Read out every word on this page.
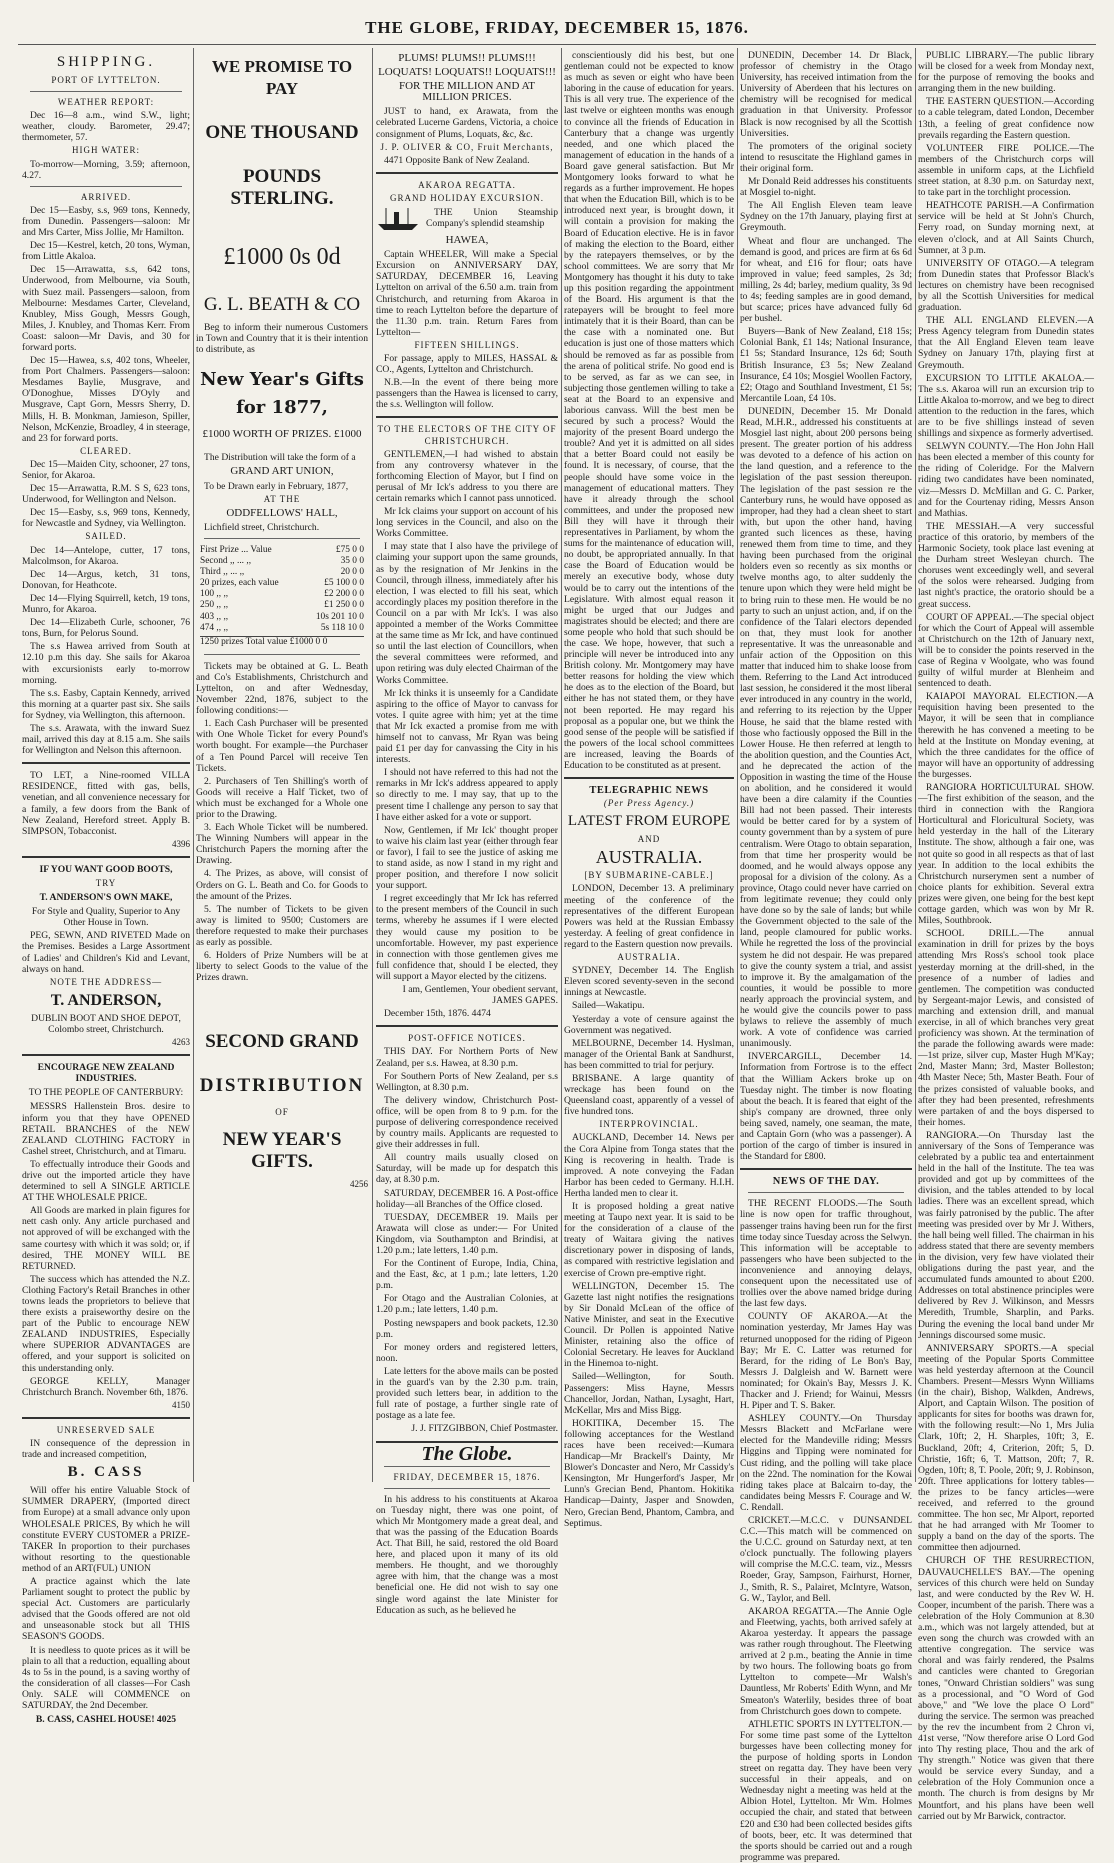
THE GLOBE, FRIDAY, DECEMBER 15, 1876.
SHIPPING.
PORT OF LYTTELTON.
WEATHER REPORT:

Dec 16—8 a.m., wind S.W., light; weather, cloudy. Barometer, 29.47; thermometer, 57.

HIGH WATER:

To-morrow—Morning, 3.59; afternoon, 4.27.

ARRIVED.

Dec 15—Easby, s.s, 969 tons, Kennedy, from Dunedin. Passengers—saloon: Mr and Mrs Carter, Miss Jollie, Mr Hamilton.

Dec 15—Kestrel, ketch, 20 tons, Wyman, from Little Akaloa.

Dec 15—Arrawatta, s.s, 642 tons, Underwood, from Melbourne, via South, with Suez mail. Passengers—saloon, from Melbourne: Mesdames Carter, Cleveland, Knubley, Miss Gough, Messrs Gough, Miles, J. Knubley, and Thomas Kerr. From Coast: saloon—Mr Davis, and 30 for forward ports.

Dec 15—Hawea, s.s, 402 tons, Wheeler, from Port Chalmers. Passengers—saloon: Mesdames Baylie, Musgrave, and O'Donoghue, Misses D'Oyly and Musgrave, Capt Gorn, Messrs Sherry, D. Mills, H. B. Monkman, Jamieson, Spiller, Nelson, McKenzie, Broadley, 4 in steerage, and 23 for forward ports.

CLEARED.

Dec 15—Maiden City, schooner, 27 tons, Senior, for Akaroa.

Dec 15—Arrawatta, R.M. S S, 623 tons, Underwood, for Wellington and Nelson.

Dec 15—Easby, s.s, 969 tons, Kennedy, for Newcastle and Sydney, via Wellington.

SAILED.

Dec 14—Antelope, cutter, 17 tons, Malcolmson, for Akaroa.

Dec 14—Argus, ketch, 31 tons, Donovan, for Heathcote.

Dec 14—Flying Squirrell, ketch, 19 tons, Munro, for Akaroa.

Dec 14—Elizabeth Curle, schooner, 76 tons, Burn, for Pelorus Sound.

The s.s Hawea arrived from South at 12.10 p.m this day. She sails for Akaroa with excursionists early to-morrow morning.

The s.s. Easby, Captain Kennedy, arrived this morning at a quarter past six. She sails for Sydney, via Wellington, this afternoon.

The s.s. Arawata, with the inward Suez mail, arrived this day at 8.15 a.m. She sails for Wellington and Nelson this afternoon.

TO LET, a Nine-roomed VILLA RESIDENCE, fitted with gas, bells, venetian, and all convenience necessary for a family, a few doors from the Bank of New Zealand, Hereford street. Apply B. SIMPSON, Tobacconist.

4396
IF YOU WANT GOOD BOOTS,
TRY
T. ANDERSON'S OWN MAKE,

For Style and Quality, Superior to Any Other House in Town.

PEG, SEWN, AND RIVETED Made on the Premises. Besides a Large Assortment of Ladies' and Children's Kid and Levant, always on hand.

NOTE THE ADDRESS—
T. ANDERSON,

DUBLIN BOOT AND SHOE DEPOT, Colombo street, Christchurch.

4263
ENCOURAGE NEW ZEALAND INDUSTRIES.
TO THE PEOPLE OF CANTERBURY:

MESSRS Hallenstein Bros. desire to inform you that they have OPENED RETAIL BRANCHES of the NEW ZEALAND CLOTHING FACTORY in Cashel street, Christchurch, and at Timaru.

To effectually introduce their Goods and drive out the imported article they have determined to sell A SINGLE ARTICLE AT THE WHOLESALE PRICE.

All Goods are marked in plain figures for nett cash only. Any article purchased and not approved of will be exchanged with the same courtesy with which it was sold; or, if desired, THE MONEY WILL BE RETURNED.

The success which has attended the N.Z. Clothing Factory's Retail Branches in other towns leads the proprietors to believe that there exists a praiseworthy desire on the part of the Public to encourage NEW ZEALAND INDUSTRIES, Especially where SUPERIOR ADVANTAGES are offered, and your support is solicited on this understanding only.

GEORGE KELLY, Manager Christchurch Branch. November 6th, 1876.

4150
UNRESERVED SALE

IN consequence of the depression in trade and increased competition,

B. CASS

Will offer his entire Valuable Stock of SUMMER DRAPERY, (Imported direct from Europe) at a small advance only upon WHOLESALE PRICES, By which he will constitute EVERY CUSTOMER a PRIZE-TAKER In proportion to their purchases without resorting to the questionable method of an ART(FUL) UNION

A practice against which the late Parliament sought to protect the public by special Act. Customers are particularly advised that the Goods offered are not old and unseasonable stock but all THIS SEASON'S GOODS.

It is needless to quote prices as it will be plain to all that a reduction, equalling about 4s to 5s in the pound, is a saving worthy of the consideration of all classes—For Cash Only. SALE will COMMENCE on SATURDAY, the 2nd December.

B. CASS, CASHEL HOUSE! 4025
WE PROMISE TO PAY
ONE THOUSAND
POUNDS STERLING.
£1000 0s 0d
G. L. BEATH & CO

Beg to inform their numerous Customers in Town and Country that it is their intention to distribute, as

New Year's Gifts
for 1877,
£1000 WORTH OF PRIZES. £1000

The Distribution will take the form of a

GRAND ART UNION,

To be Drawn early in February, 1877,

AT THE
ODDFELLOWS' HALL,

Lichfield street, Christchurch.

First Prize ... Value	£75 0 0
Second ,, ... ,,	35 0 0
Third ,, ... ,,	20 0 0
20 prizes, each value	£5 100 0 0
100 ,, ,,	£2 200 0 0
250 ,, ,,	£1 250 0 0
403 ,, ,,	10s 201 10 0
474 ,, ,,	5s 118 10 0
1250 prizes Total value £1000 0 0

Tickets may be obtained at G. L. Beath and Co's Establishments, Christchurch and Lyttelton, on and after Wednesday, November 22nd, 1876, subject to the following conditions:—

1. Each Cash Purchaser will be presented with One Whole Ticket for every Pound's worth bought. For example—the Purchaser of a Ten Pound Parcel will receive Ten Tickets.

2. Purchasers of Ten Shilling's worth of Goods will receive a Half Ticket, two of which must be exchanged for a Whole one prior to the Drawing.

3. Each Whole Ticket will be numbered. The Winning Numbers will appear in the Christchurch Papers the morning after the Drawing.

4. The Prizes, as above, will consist of Orders on G. L. Beath and Co. for Goods to the amount of the Prizes.

5. The number of Tickets to be given away is limited to 9500; Customers are therefore requested to make their purchases as early as possible.

6. Holders of Prize Numbers will be at liberty to select Goods to the value of the Prizes drawn.

SECOND GRAND
DISTRIBUTION
OF
NEW YEAR'S GIFTS.
4256
PLUMS! PLUMS!! PLUMS!!!
LOQUATS! LOQUATS!! LOQUATS!!!
FOR THE MILLION AND AT MILLION PRICES.

JUST to hand, ex Arawata, from the celebrated Lucerne Gardens, Victoria, a choice consignment of Plums, Loquats, &c, &c.

J. P. OLIVER & CO, Fruit Merchants,

4471 Opposite Bank of New Zealand.

AKAROA REGATTA.
GRAND HOLIDAY EXCURSION.

THE Union Steamship Company's splendid steamship

HAWEA,

Captain WHEELER, Will make a Special Excursion on ANNIVERSARY DAY, SATURDAY, DECEMBER 16, Leaving Lyttelton on arrival of the 6.50 a.m. train from Christchurch, and returning from Akaroa in time to reach Lyttelton before the departure of the 11.30 p.m. train. Return Fares from Lyttelton—

FIFTEEN SHILLINGS.

For passage, apply to MILES, HASSAL & CO., Agents, Lyttelton and Christchurch.

N.B.—In the event of there being more passengers than the Hawea is licensed to carry, the s.s. Wellington will follow.

TO THE ELECTORS OF THE CITY OF CHRISTCHURCH.

GENTLEMEN,—I had wished to abstain from any controversy whatever in the forthcoming Election of Mayor, but I find on perusal of Mr Ick's address to you there are certain remarks which I cannot pass unnoticed.

Mr Ick claims your support on account of his long services in the Council, and also on the Works Committee.

I may state that I also have the privilege of claiming your support upon the same grounds, as by the resignation of Mr Jenkins in the Council, through illness, immediately after his election, I was elected to fill his seat, which accordingly places my position therefore in the Council on a par with Mr Ick's. I was also appointed a member of the Works Committee at the same time as Mr Ick, and have continued so until the last election of Councillors, when the several committees were reformed, and upon retiring was duly elected Chairman of the Works Committee.

Mr Ick thinks it is unseemly for a Candidate aspiring to the office of Mayor to canvass for votes. I quite agree with him; yet at the time that Mr Ick exacted a promise from me with himself not to canvass, Mr Ryan was being paid £1 per day for canvassing the City in his interests.

I should not have referred to this had not the remarks in Mr Ick's address appeared to apply so directly to me. I may say, that up to the present time I challenge any person to say that I have either asked for a vote or support.

Now, Gentlemen, if Mr Ick' thought proper to waive his claim last year (either through fear or favor), I fail to see the justice of asking me to stand aside, as now I stand in my right and proper position, and therefore I now solicit your support.

I regret exceedingly that Mr Ick has referred to the present members of the Council in such terms, whereby he assumes if I were elected they would cause my position to be uncomfortable. However, my past experience in connection with those gentlemen gives me full confidence that, should I be elected, they will support a Mayor elected by the citizens.

I am, Gentlemen, Your obedient servant, JAMES GAPES.

December 15th, 1876. 4474

POST-OFFICE NOTICES.

THIS DAY. For Northern Ports of New Zealand, per s.s. Hawea, at 8.30 p.m.

For Southern Ports of New Zealand, per s.s Wellington, at 8.30 p.m.

The delivery window, Christchurch Post-office, will be open from 8 to 9 p.m. for the purpose of delivering correspondence received by country mails. Applicants are requested to give their addresses in full.

All country mails usually closed on Saturday, will be made up for despatch this day, at 8.30 p.m.

SATURDAY, DECEMBER 16. A Post-office holiday—all Branches of the Office closed.

TUESDAY, DECEMBER 19. Mails per Arawata will close as under:— For United Kingdom, via Southampton and Brindisi, at 1.20 p.m.; late letters, 1.40 p.m.

For the Continent of Europe, India, China, and the East, &c, at 1 p.m.; late letters, 1.20 p.m.

For Otago and the Australian Colonies, at 1.20 p.m.; late letters, 1.40 p.m.

Posting newspapers and book packets, 12.30 p.m.

For money orders and registered letters, noon.

Late letters for the above mails can be posted in the guard's van by the 2.30 p.m. train, provided such letters bear, in addition to the full rate of postage, a further single rate of postage as a late fee.

J. J. FITZGIBBON, Chief Postmaster.

The Globe.
FRIDAY, DECEMBER 15, 1876.

In his address to his constituents at Akaroa on Tuesday night, there was one point, of which Mr Montgomery made a great deal, and that was the passing of the Education Boards Act. That Bill, he said, restored the old Board here, and placed upon it many of its old members. He thought, and we thoroughly agree with him, that the change was a most beneficial one. He did not wish to say one single word against the late Minister for Education as such, as he believed he

conscientiously did his best, but one gentleman could not be expected to know as much as seven or eight who have been laboring in the cause of education for years. This is all very true. The experience of the last twelve or eighteen months was enough to convince all the friends of Education in Canterbury that a change was urgently needed, and one which placed the management of education in the hands of a Board gave general satisfaction. But Mr Montgomery looks forward to what he regards as a further improvement. He hopes that when the Education Bill, which is to be introduced next year, is brought down, it will contain a provision for making the Board of Education elective. He is in favor of making the election to the Board, either by the ratepayers themselves, or by the school committees. We are sorry that Mr Montgomery has thought it his duty to take up this position regarding the appointment of the Board. His argument is that the ratepayers will be brought to feel more intimately that it is their Board, than can be the case with a nominated one. But education is just one of those matters which should be removed as far as possible from the arena of political strife. No good end is to be served, as far as we can see, in subjecting those gentlemen willing to take a seat at the Board to an expensive and laborious canvass. Will the best men be secured by such a process? Would the majority of the present Board undergo the trouble? And yet it is admitted on all sides that a better Board could not easily be found. It is necessary, of course, that the people should have some voice in the management of educational matters. They have it already through the school committees, and under the proposed new Bill they will have it through their representatives in Parliament, by whom the sums for the maintenance of education will, no doubt, be appropriated annually. In that case the Board of Education would be merely an executive body, whose duty would be to carry out the intentions of the Legislature. With almost equal reason it might be urged that our Judges and magistrates should be elected; and there are some people who hold that such should be the case. We hope, however, that such a principle will never be introduced into any British colony. Mr. Montgomery may have better reasons for holding the view which he does as to the election of the Board, but either he has not stated them, or they have not been reported. He may regard his proposal as a popular one, but we think the good sense of the people will be satisfied if the powers of the local school committees are increased, leaving the Boards of Education to be constituted as at present.

TELEGRAPHIC NEWS
(Per Press Agency.)
LATEST FROM EUROPE
AND
AUSTRALIA.
[BY SUBMARINE-CABLE.]

LONDON, December 13. A preliminary meeting of the conference of the representatives of the different European Powers was held at the Russian Embassy yesterday. A feeling of great confidence in regard to the Eastern question now prevails.

AUSTRALIA.

SYDNEY, December 14. The English Eleven scored seventy-seven in the second innings at Newcastle.

Sailed—Wakatipu.

Yesterday a vote of censure against the Government was negatived.

MELBOURNE, December 14. Hyslman, manager of the Oriental Bank at Sandhurst, has been committed to trial for perjury.

BRISBANE. A large quantity of wreckage has been found on the Queensland coast, apparently of a vessel of five hundred tons.

INTERPROVINCIAL.

AUCKLAND, December 14. News per the Cora Alpine from Tonga states that the King is recovering in health. Trade is improved. A note conveying the Fadan Harbor has been ceded to Germany. H.I.H. Hertha landed men to clear it.

It is proposed holding a great native meeting at Taupo next year. It is said to be for the consideration of a clause of the treaty of Waitara giving the natives discretionary power in disposing of lands, as compared with restrictive legislation and exercise of Crown pre-emptive right.

WELLINGTON, December 15. The Gazette last night notifies the resignations by Sir Donald McLean of the office of Native Minister, and seat in the Executive Council. Dr Pollen is appointed Native Minister, retaining also the office of Colonial Secretary. He leaves for Auckland in the Hinemoa to-night.

Sailed—Wellington, for South. Passengers: Miss Hayne, Messrs Chancellor, Jordan, Nathan, Lysaght, Hart, McKellar, Mrs and Miss Bigg.

HOKITIKA, December 15. The following acceptances for the Westland races have been received:—Kumara Handicap—Mr Brackell's Dainty, Mr Blower's Doncaster and Nero, Mr Cassidy's Kensington, Mr Hungerford's Jasper, Mr Lunn's Grecian Bend, Phantom. Hokitika Handicap—Dainty, Jasper and Snowden, Nero, Grecian Bend, Phantom, Cambra, and Septimus.

DUNEDIN, December 14. Dr Black, professor of chemistry in the Otago University, has received intimation from the University of Aberdeen that his lectures on chemistry will be recognised for medical graduation in that University. Professor Black is now recognised by all the Scottish Universities.

The promoters of the original society intend to resuscitate the Highland games in their original form.

Mr Donald Reid addresses his constituents at Mosgiel to-night.

The All English Eleven team leave Sydney on the 17th January, playing first at Greymouth.

Wheat and flour are unchanged. The demand is good, and prices are firm at 6s 6d for wheat, and £16 for flour; oats have improved in value; feed samples, 2s 3d; milling, 2s 4d; barley, medium quality, 3s 9d to 4s; feeding samples are in good demand, but scarce; prices have advanced fully 6d per bushel.

Buyers—Bank of New Zealand, £18 15s; Colonial Bank, £1 14s; National Insurance, £1 5s; Standard Insurance, 12s 6d; South British Insurance, £3 5s; New Zealand Insurance, £4 10s; Mosgiel Woollen Factory, £2; Otago and Southland Investment, £1 5s; Mercantile Loan, £4 10s.

DUNEDIN, December 15. Mr Donald Read, M.H.R., addressed his constituents at Mosgiel last night, about 200 persons being present. The greater portion of his address was devoted to a defence of his action on the land question, and a reference to the legislation of the past session thereupon. The legislation of the past session re the Canterbury runs, he would have opposed as improper, had they had a clean sheet to start with, but upon the other hand, having granted such licences as these, having renewed them from time to time, and they having been purchased from the original holders even so recently as six months or twelve months ago, to alter suddenly the tenure upon which they were held might be to bring ruin to these men. He would be no party to such an unjust action, and, if on the confidence of the Talari electors depended on that, they must look for another representative. It was the unreasonable and unfair action of the Opposition on this matter that induced him to shake loose from them. Referring to the Land Act introduced last session, he considered it the most liberal ever introduced in any country in the world, and referring to its rejection by the Upper House, he said that the blame rested with those who factiously opposed the Bill in the Lower House. He then referred at length to the abolition question, and the Counties Act, and he deprecated the action of the Opposition in wasting the time of the House on abolition, and he considered it would have been a dire calamity if the Counties Bill had not been passed. Their interests would be better cared for by a system of county government than by a system of pure centralism. Were Otago to obtain separation, from that time her prosperity would be doomed, and he would always oppose any proposal for a division of the colony. As a province, Otago could never have carried on from legitimate revenue; they could only have done so by the sale of lands; but while the Government objected to the sale of the land, people clamoured for public works. While he regretted the loss of the provincial system he did not despair. He was prepared to give the county system a trial, and assist to improve it. By the amalgamation of the counties, it would be possible to more nearly approach the provincial system, and he would give the councils power to pass bylaws to relieve the assembly of much work. A vote of confidence was carried unanimously.

INVERCARGILL, December 14. Information from Fortrose is to the effect that the William Ackers broke up on Tuesday night. The timber is now floating about the beach. It is feared that eight of the ship's company are drowned, three only being saved, namely, one seaman, the mate, and Captain Gorn (who was a passenger). A portion of the cargo of timber is insured in the Standard for £800.

NEWS OF THE DAY.

THE RECENT FLOODS.—The South line is now open for traffic throughout, passenger trains having been run for the first time today since Tuesday across the Selwyn. This information will be acceptable to passengers who have been subjected to the inconvenience and annoying delays, consequent upon the necessitated use of trollies over the above named bridge during the last few days.

COUNTY OF AKAROA.—At the nomination yesterday, Mr James Hay was returned unopposed for the riding of Pigeon Bay; Mr E. C. Latter was returned for Berard, for the riding of Le Bon's Bay, Messrs J. Dalgleish and W. Barnett were nominated; for Okain's Bay, Messrs J. K. Thacker and J. Friend; for Wainui, Messrs H. Piper and T. S. Baker.

ASHLEY COUNTY.—On Thursday Messrs Blackett and McFarlane were elected for the Mandeville riding; Messrs Higgins and Tipping were nominated for Cust riding, and the polling will take place on the 22nd. The nomination for the Kowai riding takes place at Balcairn to-day, the candidates being Messrs F. Courage and W. C. Rendall.

CRICKET.—M.C.C. v DUNSANDEL C.C.—This match will be commenced on the U.C.C. ground on Saturday next, at ten o'clock punctually. The following players will comprise the M.C.C. team, viz., Messrs Roeder, Gray, Sampson, Fairhurst, Horner, J., Smith, R. S., Palairet, McIntyre, Watson, G. W., Taylor, and Bell.

AKAROA REGATTA.—The Annie Ogle and Fleetwing, yachts, both arrived safely at Akaroa yesterday. It appears the passage was rather rough throughout. The Fleetwing arrived at 2 p.m., beating the Annie in time by two hours. The following boats go from Lyttelton to compete—Mr Walsh's Dauntless, Mr Roberts' Edith Wynn, and Mr Smeaton's Waterlily, besides three of boat from Christchurch goes down to compete.

ATHLETIC SPORTS IN LYTTELTON.—For some time past some of the Lyttelton burgesses have been collecting money for the purpose of holding sports in London street on regatta day. They have been very successful in their appeals, and on Wednesday night a meeting was held at the Albion Hotel, Lyttelton. Mr Wm. Holmes occupied the chair, and stated that between £20 and £30 had been collected besides gifts of boots, beer, etc. It was determined that the sports should be carried out and a rough programme was prepared.

PUBLIC LIBRARY.—The public library will be closed for a week from Monday next, for the purpose of removing the books and arranging them in the new building.

THE EASTERN QUESTION.—According to a cable telegram, dated London, December 13th, a feeling of great confidence now prevails regarding the Eastern question.

VOLUNTEER FIRE POLICE.—The members of the Christchurch corps will assemble in uniform caps, at the Lichfield street station, at 8.30 p.m. on Saturday next, to take part in the torchlight procession.

HEATHCOTE PARISH.—A Confirmation service will be held at St John's Church, Ferry road, on Sunday morning next, at eleven o'clock, and at All Saints Church, Sumner, at 3 p.m.

UNIVERSITY OF OTAGO.—A telegram from Dunedin states that Professor Black's lectures on chemistry have been recognised by all the Scottish Universities for medical graduation.

THE ALL ENGLAND ELEVEN.—A Press Agency telegram from Dunedin states that the All England Eleven team leave Sydney on January 17th, playing first at Greymouth.

EXCURSION TO LITTLE AKALOA.—The s.s. Akaroa will run an excursion trip to Little Akaloa to-morrow, and we beg to direct attention to the reduction in the fares, which are to be five shillings instead of seven shillings and sixpence as formerly advertised.

SELWYN COUNTY.—The Hon John Hall has been elected a member of this county for the riding of Coleridge. For the Malvern riding two candidates have been nominated, viz—Messrs D. McMillan and G. C. Parker, and for the Courtenay riding, Messrs Anson and Mathias.

THE MESSIAH.—A very successful practice of this oratorio, by members of the Harmonic Society, took place last evening at the Durham street Wesleyan church. The choruses went exceedingly well, and several of the solos were rehearsed. Judging from last night's practice, the oratorio should be a great success.

COURT OF APPEAL.—The special object for which the Court of Appeal will assemble at Christchurch on the 12th of January next, will be to consider the points reserved in the case of Regina v Woolgate, who was found guilty of wilful murder at Blenheim and sentenced to death.

KAIAPOI MAYORAL ELECTION.—A requisition having been presented to the Mayor, it will be seen that in compliance therewith he has convened a meeting to be held at the Institute on Monday evening, at which the three candidates for the office of mayor will have an opportunity of addressing the burgesses.

RANGIORA HORTICULTURAL SHOW.—The first exhibition of the season, and the third in connection with the Rangiora Horticultural and Floricultural Society, was held yesterday in the hall of the Literary Institute. The show, although a fair one, was not quite so good in all respects as that of last year. In addition to the local exhibits the Christchurch nurserymen sent a number of choice plants for exhibition. Several extra prizes were given, one being for the best kept cottage garden, which was won by Mr R. Miles, Southbrook.

SCHOOL DRILL.—The annual examination in drill for prizes by the boys attending Mrs Ross's school took place yesterday morning at the drill-shed, in the presence of a number of ladies and gentlemen. The competition was conducted by Sergeant-major Lewis, and consisted of marching and extension drill, and manual exercise, in all of which branches very great proficiency was shown. At the termination of the parade the following awards were made:—1st prize, silver cup, Master Hugh M'Kay; 2nd, Master Mann; 3rd, Master Bolleston; 4th Master Nece; 5th, Master Beath. Four of the prizes consisted of valuable books, and after they had been presented, refreshments were partaken of and the boys dispersed to their homes.

RANGIORA.—On Thursday last the anniversary of the Sons of Temperance was celebrated by a public tea and entertainment held in the hall of the Institute. The tea was provided and got up by committees of the division, and the tables attended to by local ladies. There was an excellent spread, which was fairly patronised by the public. The after meeting was presided over by Mr J. Withers, the hall being well filled. The chairman in his address stated that there are seventy members in the division, very few have violated their obligations during the past year, and the accumulated funds amounted to about £200. Addresses on total abstinence principles were delivered by Rev J. Wilkinson, and Messrs Meredith, Trumble, Sharplin, and Parks. During the evening the local band under Mr Jennings discoursed some music.

ANNIVERSARY SPORTS.—A special meeting of the Popular Sports Committee was held yesterday afternoon at the Council Chambers. Present—Messrs Wynn Williams (in the chair), Bishop, Walkden, Andrews, Alport, and Captain Wilson. The position of applicants for sites for booths was drawn for, with the following result:—No 1, Mrs Julia Clark, 10ft; 2, H. Sharples, 10ft; 3, E. Buckland, 20ft; 4, Criterion, 20ft; 5, D. Christie, 16ft; 6, T. Mattson, 20ft; 7, R. Ogden, 10ft; 8, T. Poole, 20ft; 9, J. Robinson, 20ft. Three applications for lottery tables—the prizes to be fancy articles—were received, and referred to the ground committee. The hon sec, Mr Alport, reported that he had arranged with Mr Toomer to supply a band on the day of the sports. The committee then adjourned.

CHURCH OF THE RESURRECTION, DAUVAUCHELLE'S BAY.—The opening services of this church were held on Sunday last, and were conducted by the Rev W. H. Cooper, incumbent of the parish. There was a celebration of the Holy Communion at 8.30 a.m., which was not largely attended, but at even song the church was crowded with an attentive congregation. The service was choral and was fairly rendered, the Psalms and canticles were chanted to Gregorian tones, "Onward Christian soldiers" was sung as a processional, and "O Word of God above," and "We love the place O Lord" during the service. The sermon was preached by the rev the incumbent from 2 Chron vi, 41st verse, "Now therefore arise O Lord God into Thy resting place, Thou and the ark of Thy strength." Notice was given that there would be service every Sunday, and a celebration of the Holy Communion once a month. The church is from designs by Mr Mountfort, and his plans have been well carried out by Mr Barwick, contractor.
